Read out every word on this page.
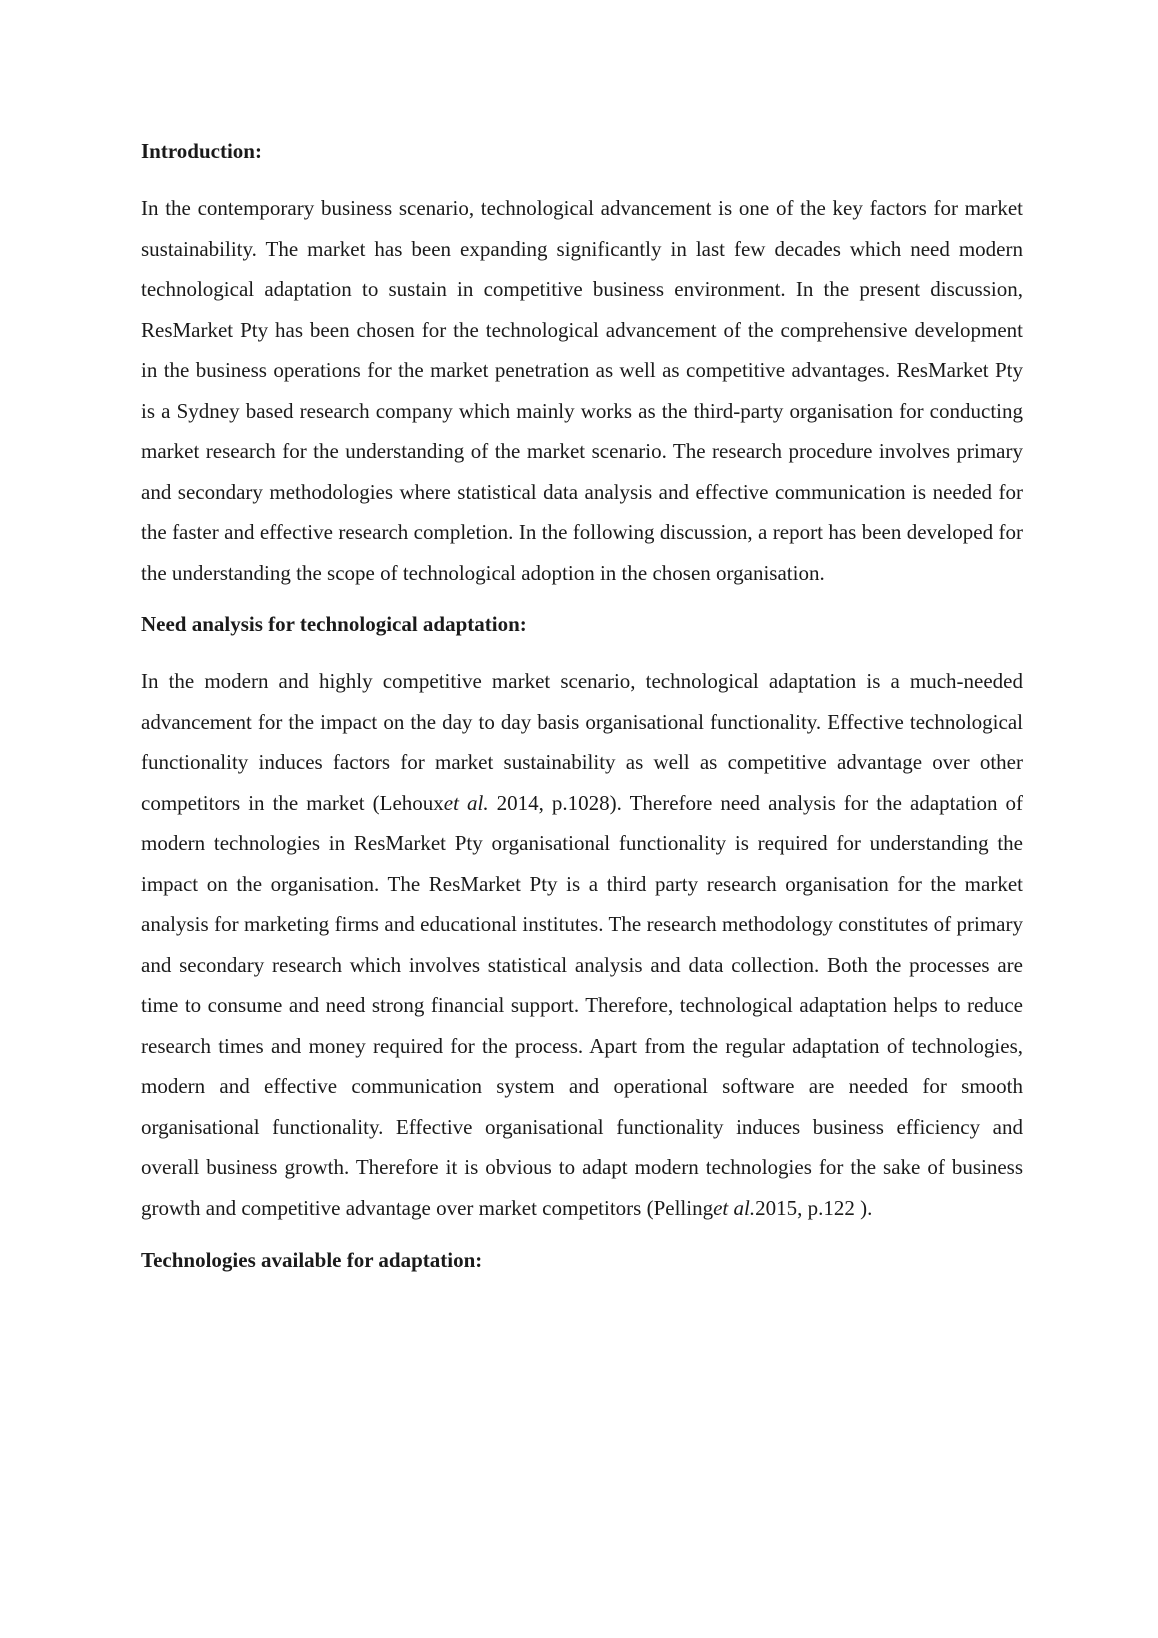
Introduction:

In the contemporary business scenario, technological advancement is one of the key factors for market sustainability. The market has been expanding significantly in last few decades which need modern technological adaptation to sustain in competitive business environment. In the present discussion, ResMarket Pty has been chosen for the technological advancement of the comprehensive development in the business operations for the market penetration as well as competitive advantages. ResMarket Pty is a Sydney based research company which mainly works as the third-party organisation for conducting market research for the understanding of the market scenario. The research procedure involves primary and secondary methodologies where statistical data analysis and effective communication is needed for the faster and effective research completion. In the following discussion, a report has been developed for the understanding the scope of technological adoption in the chosen organisation.

Need analysis for technological adaptation:

In the modern and highly competitive market scenario, technological adaptation is a much-needed advancement for the impact on the day to day basis organisational functionality. Effective technological functionality induces factors for market sustainability as well as competitive advantage over other competitors in the market (Lehouxet al. 2014, p.1028). Therefore need analysis for the adaptation of modern technologies in ResMarket Pty organisational functionality is required for understanding the impact on the organisation. The ResMarket Pty is a third party research organisation for the market analysis for marketing firms and educational institutes. The research methodology constitutes of primary and secondary research which involves statistical analysis and data collection. Both the processes are time to consume and need strong financial support. Therefore, technological adaptation helps to reduce research times and money required for the process. Apart from the regular adaptation of technologies, modern and effective communication system and operational software are needed for smooth organisational functionality. Effective organisational functionality induces business efficiency and overall business growth. Therefore it is obvious to adapt modern technologies for the sake of business growth and competitive advantage over market competitors (Pellinget al.2015, p.122 ).

Technologies available for adaptation:
